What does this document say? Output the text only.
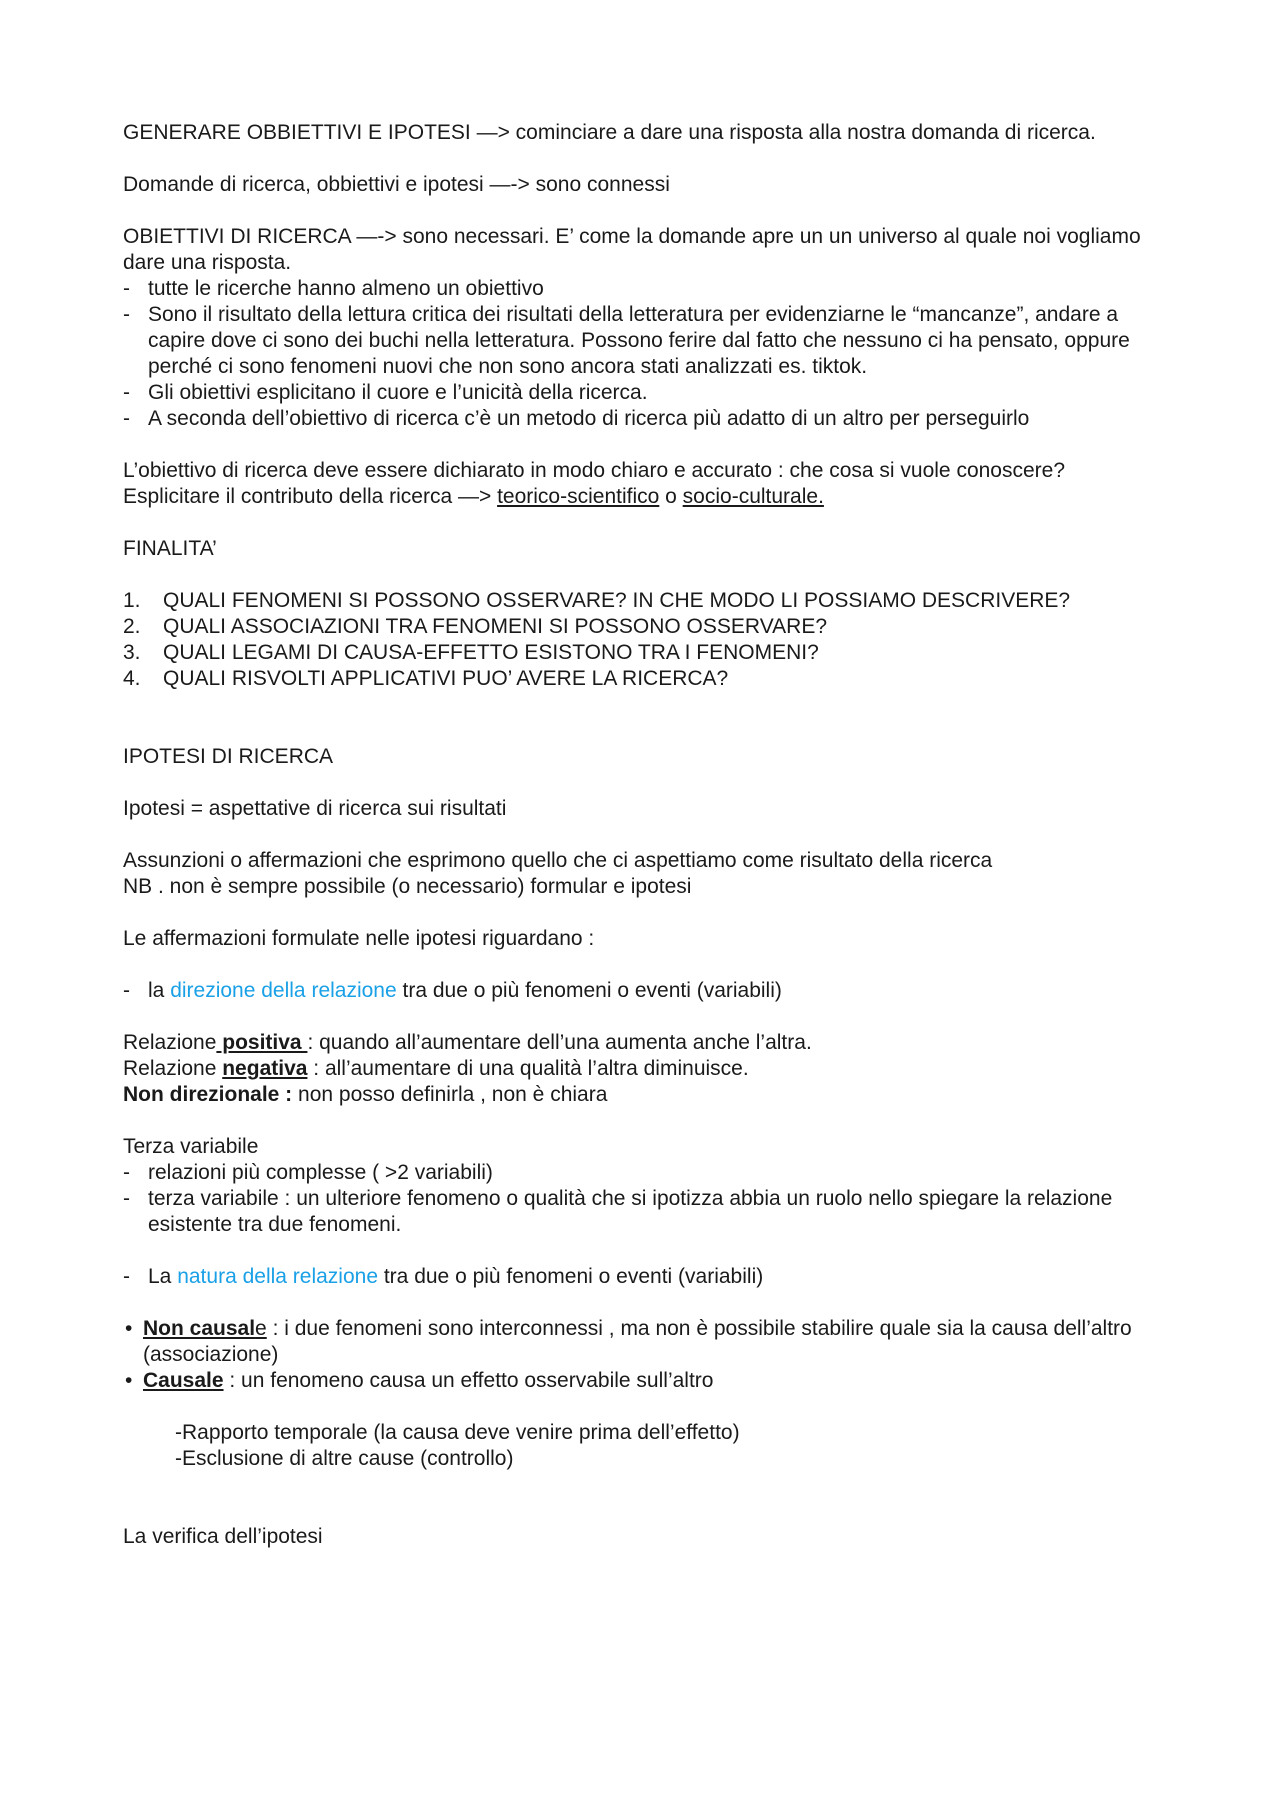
GENERARE OBBIETTIVI E IPOTESI —> cominciare a dare una risposta alla nostra domanda di ricerca.

Domande di ricerca, obbiettivi e ipotesi —-> sono connessi

OBIETTIVI DI RICERCA —-> sono necessari. E’ come la domande apre un un universo al quale noi vogliamo dare una risposta.

- tutte le ricerche hanno almeno un obiettivo
- Sono il risultato della lettura critica dei risultati della letteratura per evidenziarne le “mancanze”, andare a capire dove ci sono dei buchi nella letteratura. Possono ferire dal fatto che nessuno ci ha pensato, oppure perché ci sono fenomeni nuovi che non sono ancora stati analizzati es. tiktok.
- Gli obiettivi esplicitano il cuore e l’unicità della ricerca.
- A seconda dell’obiettivo di ricerca c’è un metodo di ricerca più adatto di un altro per perseguirlo

L’obiettivo di ricerca deve essere dichiarato in modo chiaro e accurato : che cosa si vuole conoscere?

Esplicitare il contributo della ricerca —> teorico-scientifico o socio-culturale.

FINALITA’

1. QUALI FENOMENI SI POSSONO OSSERVARE? IN CHE MODO LI POSSIAMO DESCRIVERE?
2. QUALI ASSOCIAZIONI TRA FENOMENI SI POSSONO OSSERVARE?
3. QUALI LEGAMI DI CAUSA-EFFETTO ESISTONO TRA I FENOMENI?
4. QUALI RISVOLTI APPLICATIVI PUO’ AVERE LA RICERCA?

IPOTESI DI RICERCA

Ipotesi = aspettative di ricerca sui risultati

Assunzioni o affermazioni che esprimono quello che ci aspettiamo come risultato della ricerca

NB . non è sempre possibile (o necessario) formular e ipotesi

Le affermazioni formulate nelle ipotesi riguardano :

- la direzione della relazione tra due o più fenomeni o eventi (variabili)

Relazione positiva : quando all’aumentare dell’una aumenta anche l’altra.

Relazione negativa : all’aumentare di una qualità l’altra diminuisce.

Non direzionale : non posso definirla , non è chiara

Terza variabile

- relazioni più complesse ( >2 variabili)
- terza variabile : un ulteriore fenomeno o qualità che si ipotizza abbia un ruolo nello spiegare la relazione esistente tra due fenomeni.
- La natura della relazione tra due o più fenomeni o eventi (variabili)
• Non causale : i due fenomeni sono interconnessi , ma non è possibile stabilire quale sia la causa dell’altro (associazione)
• Causale : un fenomeno causa un effetto osservabile sull’altro

-Rapporto temporale (la causa deve venire prima dell’effetto)

-Esclusione di altre cause (controllo)

La verifica dell’ipotesi
